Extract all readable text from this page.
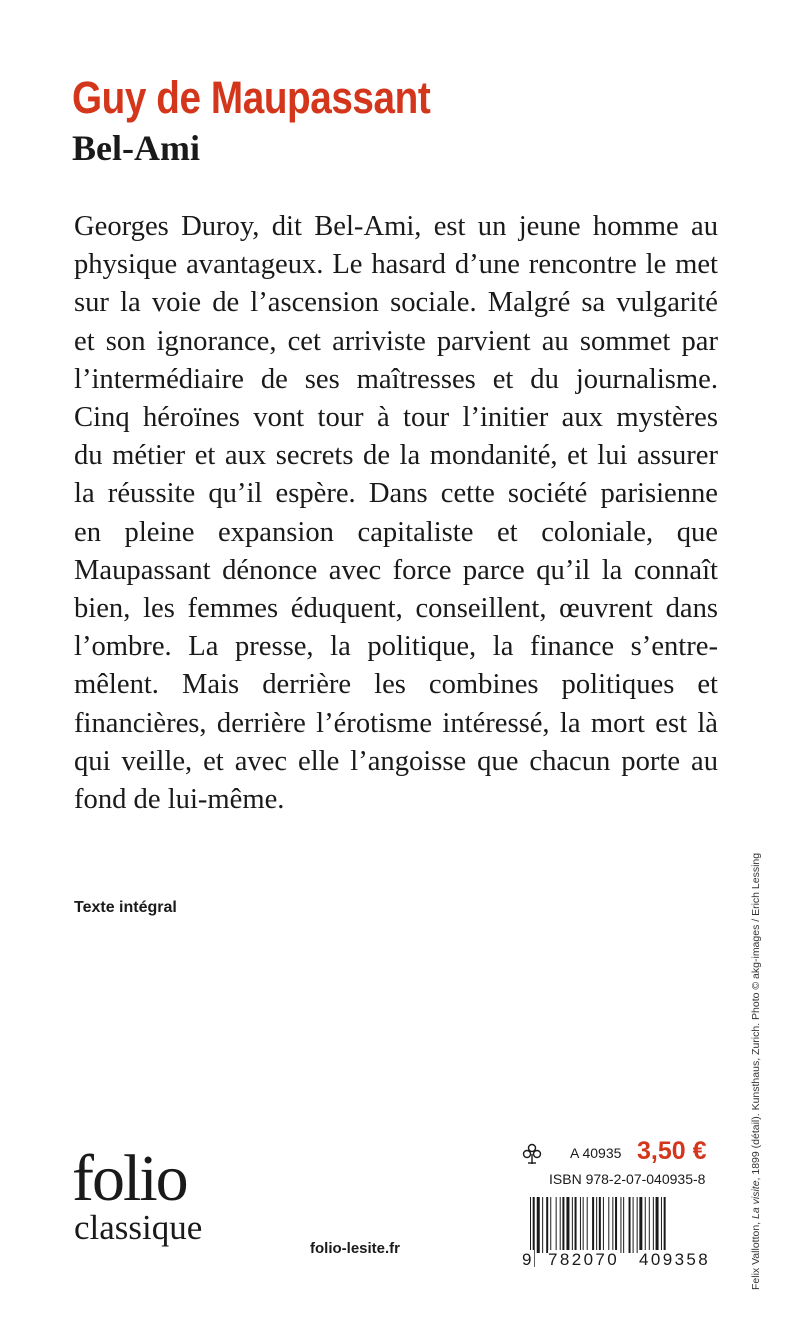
Guy de Maupassant
Bel-Ami
Georges Duroy, dit Bel-Ami, est un jeune homme au
physique avantageux. Le hasard d’une rencontre le met
sur la voie de l’ascension sociale. Malgré sa vulgarité
et son ignorance, cet arriviste parvient au sommet par
l’intermédiaire de ses maîtresses et du journalisme.
Cinq héroïnes vont tour à tour l’initier aux mystères
du métier et aux secrets de la mondanité, et lui assurer
la réussite qu’il espère. Dans cette société parisienne
en pleine expansion capitaliste et coloniale, que
Maupassant dénonce avec force parce qu’il la connaît
bien, les femmes éduquent, conseillent, œuvrent dans
l’ombre. La presse, la politique, la finance s’entre-
mêlent. Mais derrière les combines politiques et
financières, derrière l’érotisme intéressé, la mort est là
qui veille, et avec elle l’angoisse que chacun porte au
fond de lui-même.

Texte intégral

Felix Vallotton, La visite, 1899 (détail). Kunsthaus, Zurich. Photo © akg-images / Erich Lessing
folio
classique
folio-lesite.fr
A 40935 3,50 €
ISBN 978-2-07-040935-8
9 782070 409358
